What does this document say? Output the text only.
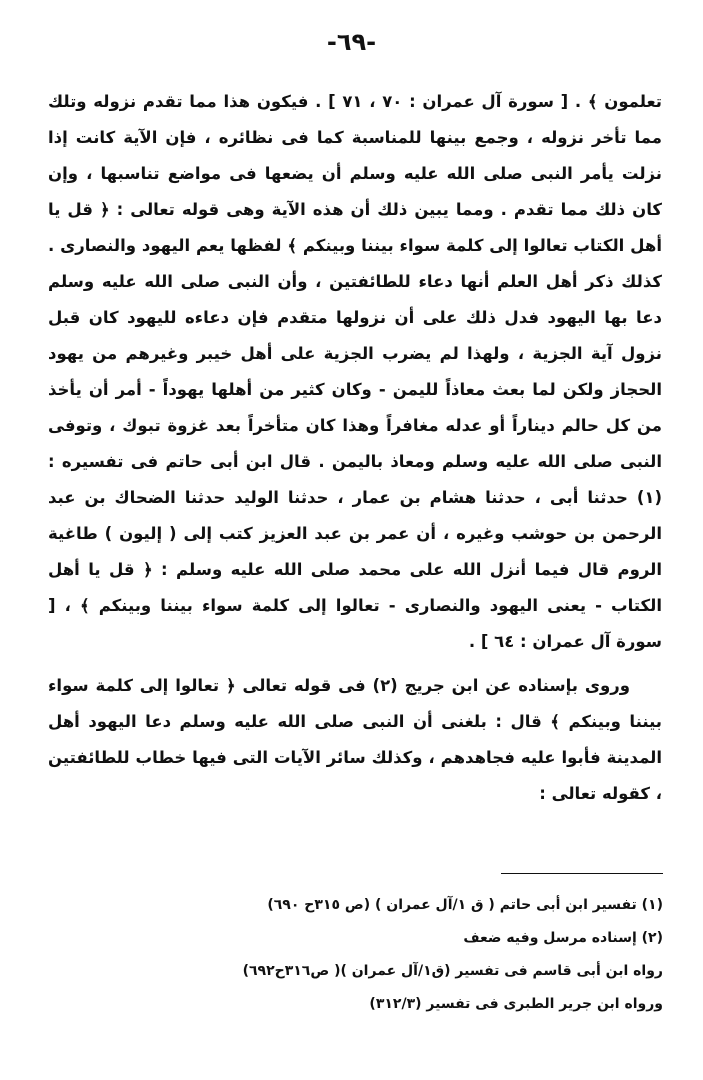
-٦٩-

تعلمون ﴾ . [ سورة آل عمران : ٧٠ ، ٧١ ] . فيكون هذا مما تقدم نزوله وتلك مما تأخر نزوله ، وجمع بينها للمناسبة كما فى نظائره ، فإن الآية كانت إذا نزلت يأمر النبى صلى الله عليه وسلم أن يضعها فى مواضع تناسبها ، وإن كان ذلك مما تقدم . ومما يبين ذلك أن هذه الآية وهى قوله تعالى : ﴿ قل يا أهل الكتاب تعالوا إلى كلمة سواء بيننا وبينكم ﴾ لفظها يعم اليهود والنصارى . كذلك ذكر أهل العلم أنها دعاء للطائفتين ، وأن النبى صلى الله عليه وسلم دعا بها اليهود فدل ذلك على أن نزولها متقدم فإن دعاءه لليهود كان قبل نزول آية الجزية ، ولهذا لم يضرب الجزية على أهل خيبر وغيرهم من يهود الحجاز ولكن لما بعث معاذاً لليمن - وكان كثير من أهلها يهوداً - أمر أن يأخذ من كل حالم ديناراً أو عدله مغافراً وهذا كان متأخراً بعد غزوة تبوك ، وتوفى النبى صلى الله عليه وسلم ومعاذ باليمن . قال ابن أبى حاتم فى تفسيره : (١) حدثنا أبى ، حدثنا هشام بن عمار ، حدثنا الوليد حدثنا الضحاك بن عبد الرحمن بن حوشب وغيره ، أن عمر بن عبد العزيز كتب إلى ( إليون ) طاغية الروم قال فيما أنزل الله على محمد صلى الله عليه وسلم : ﴿ قل يا أهل الكتاب - يعنى اليهود والنصارى - تعالوا إلى كلمة سواء بيننا وبينكم ﴾ ، [ سورة آل عمران : ٦٤ ] .

وروى بإسناده عن ابن جريج (٢) فى قوله تعالى ﴿ تعالوا إلى كلمة سواء بيننا وبينكم ﴾ قال : بلغنى أن النبى صلى الله عليه وسلم دعا اليهود أهل المدينة فأبوا عليه فجاهدهم ، وكذلك سائر الآيات التى فيها خطاب للطائفتين ، كقوله تعالى :

(١) تفسير ابن أبى حاتم ( ق ١/آل عمران ) (ص ٣١٥ح ٦٩٠)
(٢) إسناده مرسل وفيه ضعف
رواه ابن أبى قاسم فى تفسير (ق١/آل عمران )( ص٣١٦ح٦٩٢)
ورواه ابن جرير الطبرى فى تفسير (٣١٢/٣)
